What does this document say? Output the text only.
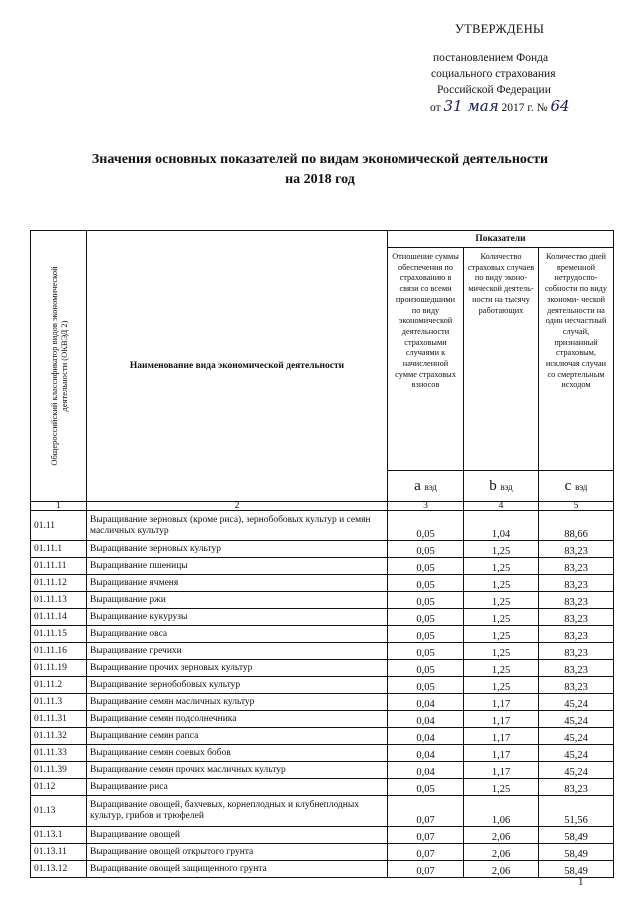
УТВЕРЖДЕНЫ
постановлением Фонда
социального страхования
Российской Федерации
от 31 мая 2017 г. № 64
Значения основных показателей по видам экономической деятельности
на 2018 год
Общероссийский классификатор видов экономической деятельности (ОКВЭД 2)	Наименование вида экономической деятельности	Показатели		
		Отношение суммы обеспечения по страхованию в связи со всеми произошедшими по виду экономической деятельности страховыми случаями к начисленной сумме страховых взносов	Количество страховых случаев по виду эконо- мической деятель- ности на тысячу работающих	Количество дней временной нетрудоспо- собности по виду экономи- ческой деятельности на один несчастный случай, признанный страховым, исключая случаи со смертельным исходом
		a вэд	b вэд	c вэд
1	2	3	4	5
01.11	Выращивание зерновых (кроме риса), зернобобовых культур и семян масличных культур	0,05	1,04	88,66
01.11.1	Выращивание зерновых культур	0,05	1,25	83,23
01.11.11	Выращивание пшеницы	0,05	1,25	83,23
01.11.12	Выращивание ячменя	0,05	1,25	83,23
01.11.13	Выращивание ржи	0,05	1,25	83,23
01.11.14	Выращивание кукурузы	0,05	1,25	83,23
01.11.15	Выращивание овса	0,05	1,25	83,23
01.11.16	Выращивание гречихи	0,05	1,25	83,23
01.11.19	Выращивание прочих зерновых культур	0,05	1,25	83,23
01.11.2	Выращивание зернобобовых культур	0,05	1,25	83,23
01.11.3	Выращивание семян масличных культур	0,04	1,17	45,24
01.11.31	Выращивание семян подсолнечника	0,04	1,17	45,24
01.11.32	Выращивание семян рапса	0,04	1,17	45,24
01.11.33	Выращивание семян соевых бобов	0,04	1,17	45,24
01.11.39	Выращивание семян прочих масличных культур	0,04	1,17	45,24
01.12	Выращивание риса	0,05	1,25	83,23
01.13	Выращивание овощей, бахчевых, корнеплодных и клубнеплодных культур, грибов и трюфелей	0,07	1,06	51,56
01.13.1	Выращивание овощей	0,07	2,06	58,49
01.13.11	Выращивание овощей открытого грунта	0,07	2,06	58,49
01.13.12	Выращивание овощей защищенного грунта	0,07	2,06	58,49
1
